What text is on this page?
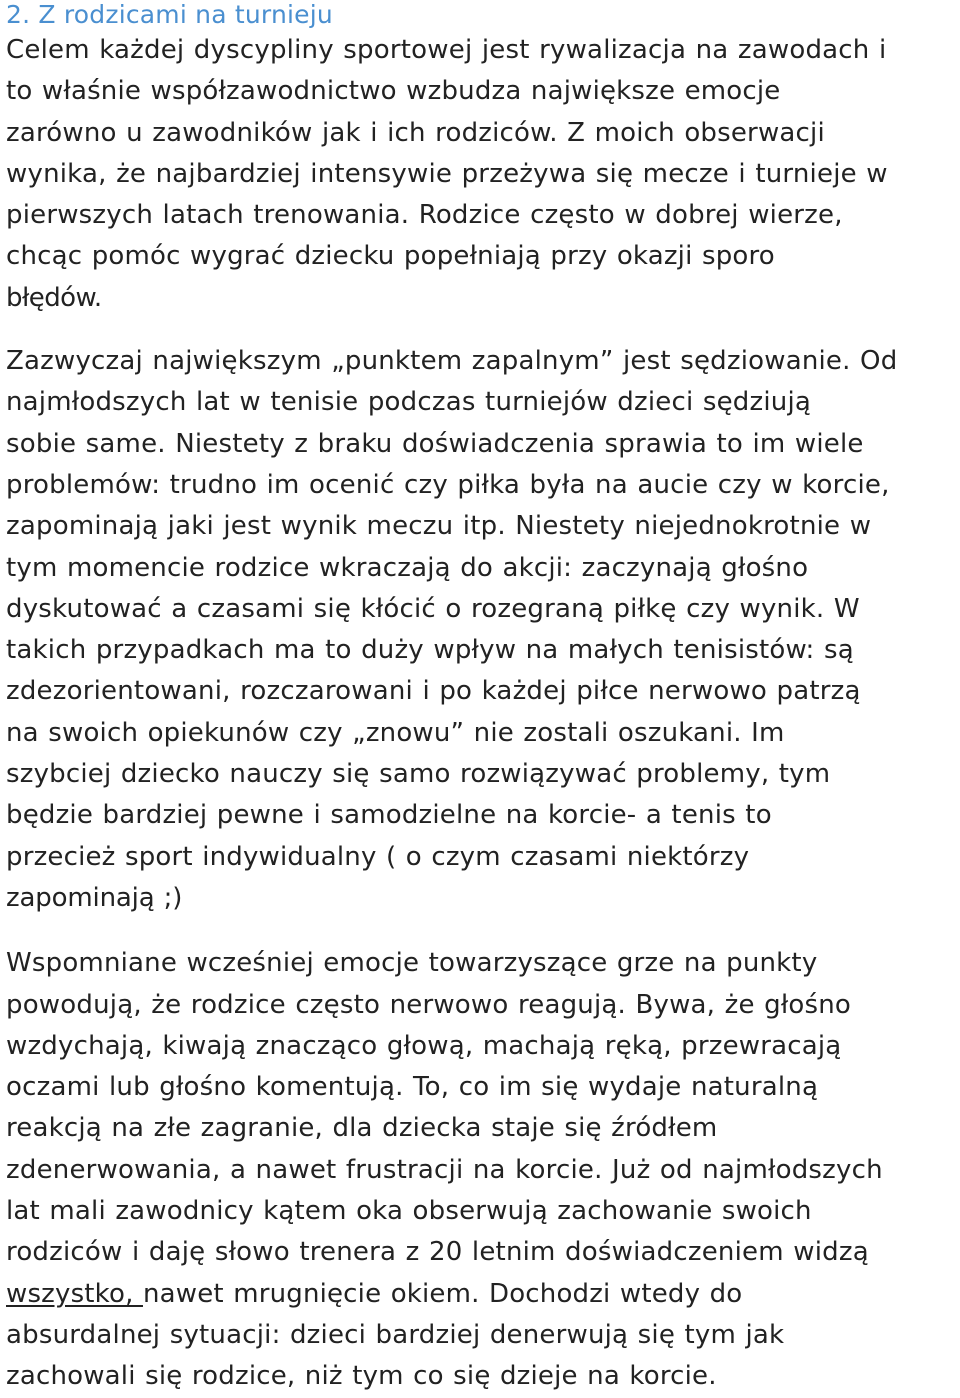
2. Z rodzicami na turnieju

Celem każdej dyscypliny sportowej jest rywalizacja na zawodach i
to właśnie współzawodnictwo wzbudza największe emocje
zarówno u zawodników jak i ich rodziców. Z moich obserwacji
wynika, że najbardziej intensywie przeżywa się mecze i turnieje w
pierwszych latach trenowania. Rodzice często w dobrej wierze,
chcąc pomóc wygrać dziecku popełniają przy okazji sporo
błędów.

Zazwyczaj największym „punktem zapalnym” jest sędziowanie. Od
najmłodszych lat w tenisie podczas turniejów dzieci sędziują
sobie same. Niestety z braku doświadczenia sprawia to im wiele
problemów: trudno im ocenić czy piłka była na aucie czy w korcie,
zapominają jaki jest wynik meczu itp. Niestety niejednokrotnie w
tym momencie rodzice wkraczają do akcji: zaczynają głośno
dyskutować a czasami się kłócić o rozegraną piłkę czy wynik. W
takich przypadkach ma to duży wpływ na małych tenisistów: są
zdezorientowani, rozczarowani i po każdej piłce nerwowo patrzą
na swoich opiekunów czy „znowu” nie zostali oszukani. Im
szybciej dziecko nauczy się samo rozwiązywać problemy, tym
będzie bardziej pewne i samodzielne na korcie- a tenis to
przecież sport indywidualny ( o czym czasami niektórzy
zapominają ;)

Wspomniane wcześniej emocje towarzyszące grze na punkty
powodują, że rodzice często nerwowo reagują. Bywa, że głośno
wzdychają, kiwają znacząco głową, machają ręką, przewracają
oczami lub głośno komentują. To, co im się wydaje naturalną
reakcją na złe zagranie, dla dziecka staje się źródłem
zdenerwowania, a nawet frustracji na korcie. Już od najmłodszych
lat mali zawodnicy kątem oka obserwują zachowanie swoich
rodziców i daję słowo trenera z 20 letnim doświadczeniem widzą
wszystko, nawet mrugnięcie okiem. Dochodzi wtedy do
absurdalnej sytuacji: dzieci bardziej denerwują się tym jak
zachowali się rodzice, niż tym co się dzieje na korcie.
